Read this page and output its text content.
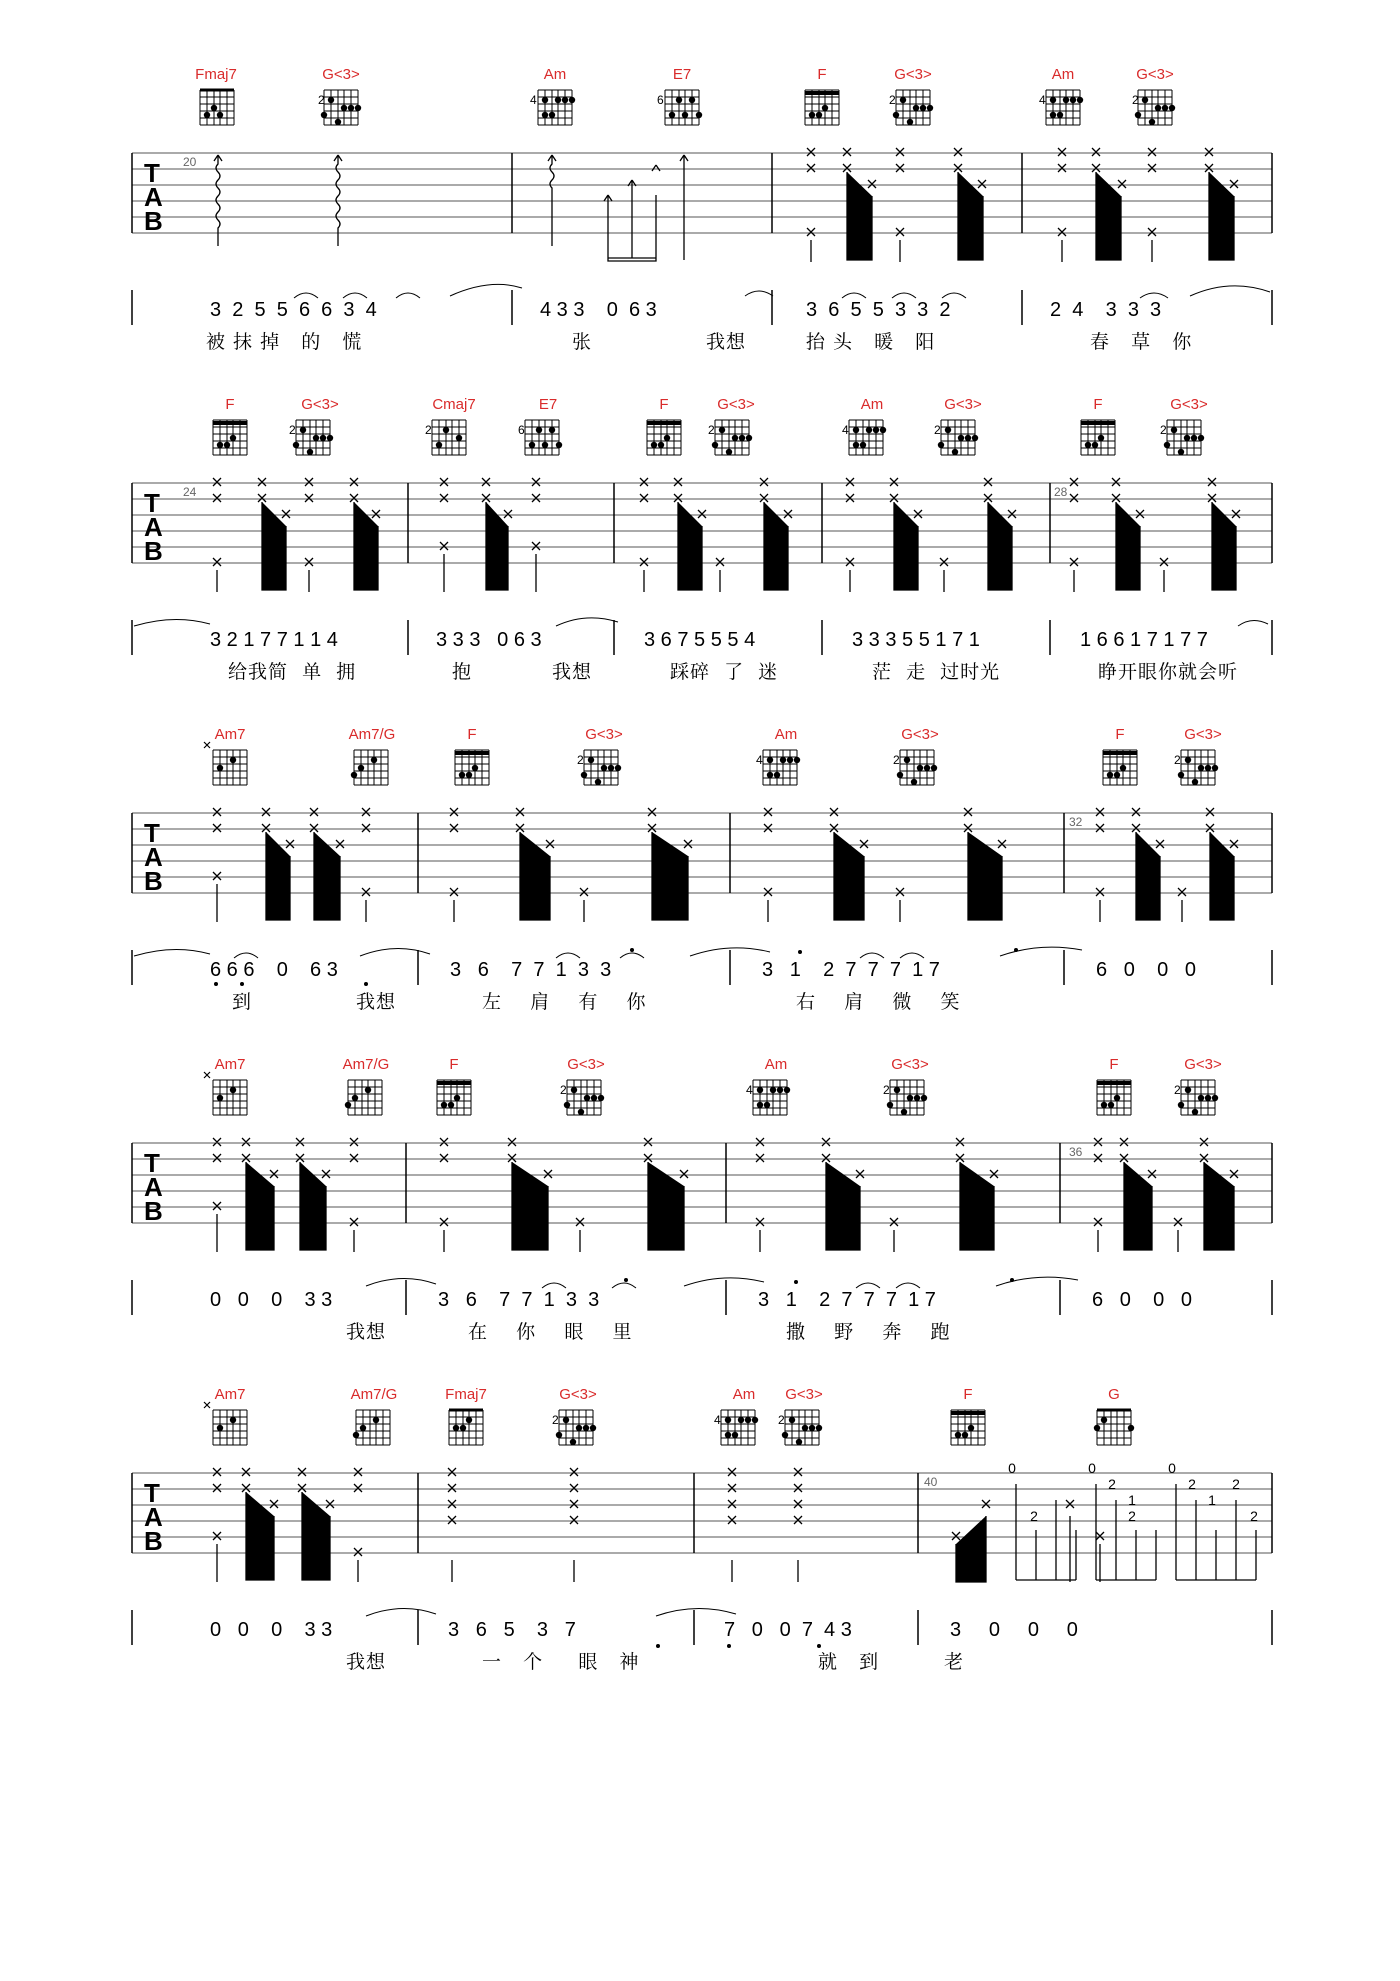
Fmaj7	G<3>	Am	E7	F	G<3>	Am	G<3>
2	4	6	2	4	2
T
A
B
20
3  2  5  5  6  6  3  4	4 3 3    0  6 3	3  6  5  5  3  3  2	2  4    3  3  3
被 抹 掉   的   慌	张	我想	抬 头   暖   阳	春   草   你
F	G<3>	Cmaj7	E7	F	G<3>	Am	G<3>	F	G<3>
2	2	6	2	4	2	2
T
A
B
24	28
3 2 1 7 7 1 1 4	3 3 3   0 6 3	3 6 7 5 5 5 4	3 3 3 5 5 1 7 1	1 6 6 1 7 1 7 7
给我简  单  拥	抱	我想	踩碎  了  迷	茫  走  过时光	睁开眼你就会听
Am7	Am7/G	F	G<3>	Am	G<3>	F	G<3>
2	4	2	2
T
A
B
32
6 6 6    0    6 3	3   6    7  7  1  3  3	3   1    2  7  7  7  1 7	6   0    0   0
到	我想	左    肩    有    你	右    肩    微    笑
Am7	Am7/G	F	G<3>	Am	G<3>	F	G<3>
2	4	2	2
T
A
B
36
0   0    0    3 3	3   6    7  7  1  3  3	3   1    2  7  7  7  1 7	6   0    0   0
我想	在    你    眼    里	撒    野    奔    跑
Am7	Am7/G	Fmaj7	G<3>	Am G<3>	F	G
2	4	2
T
A
B
40
0
2
0
2
1
2
0
2
1
2
2
0   0    0    3 3	3   6   5    3   7	7   0   0  7  4 3	3     0     0     0
我想	一   个     眼   神	就   到	老
